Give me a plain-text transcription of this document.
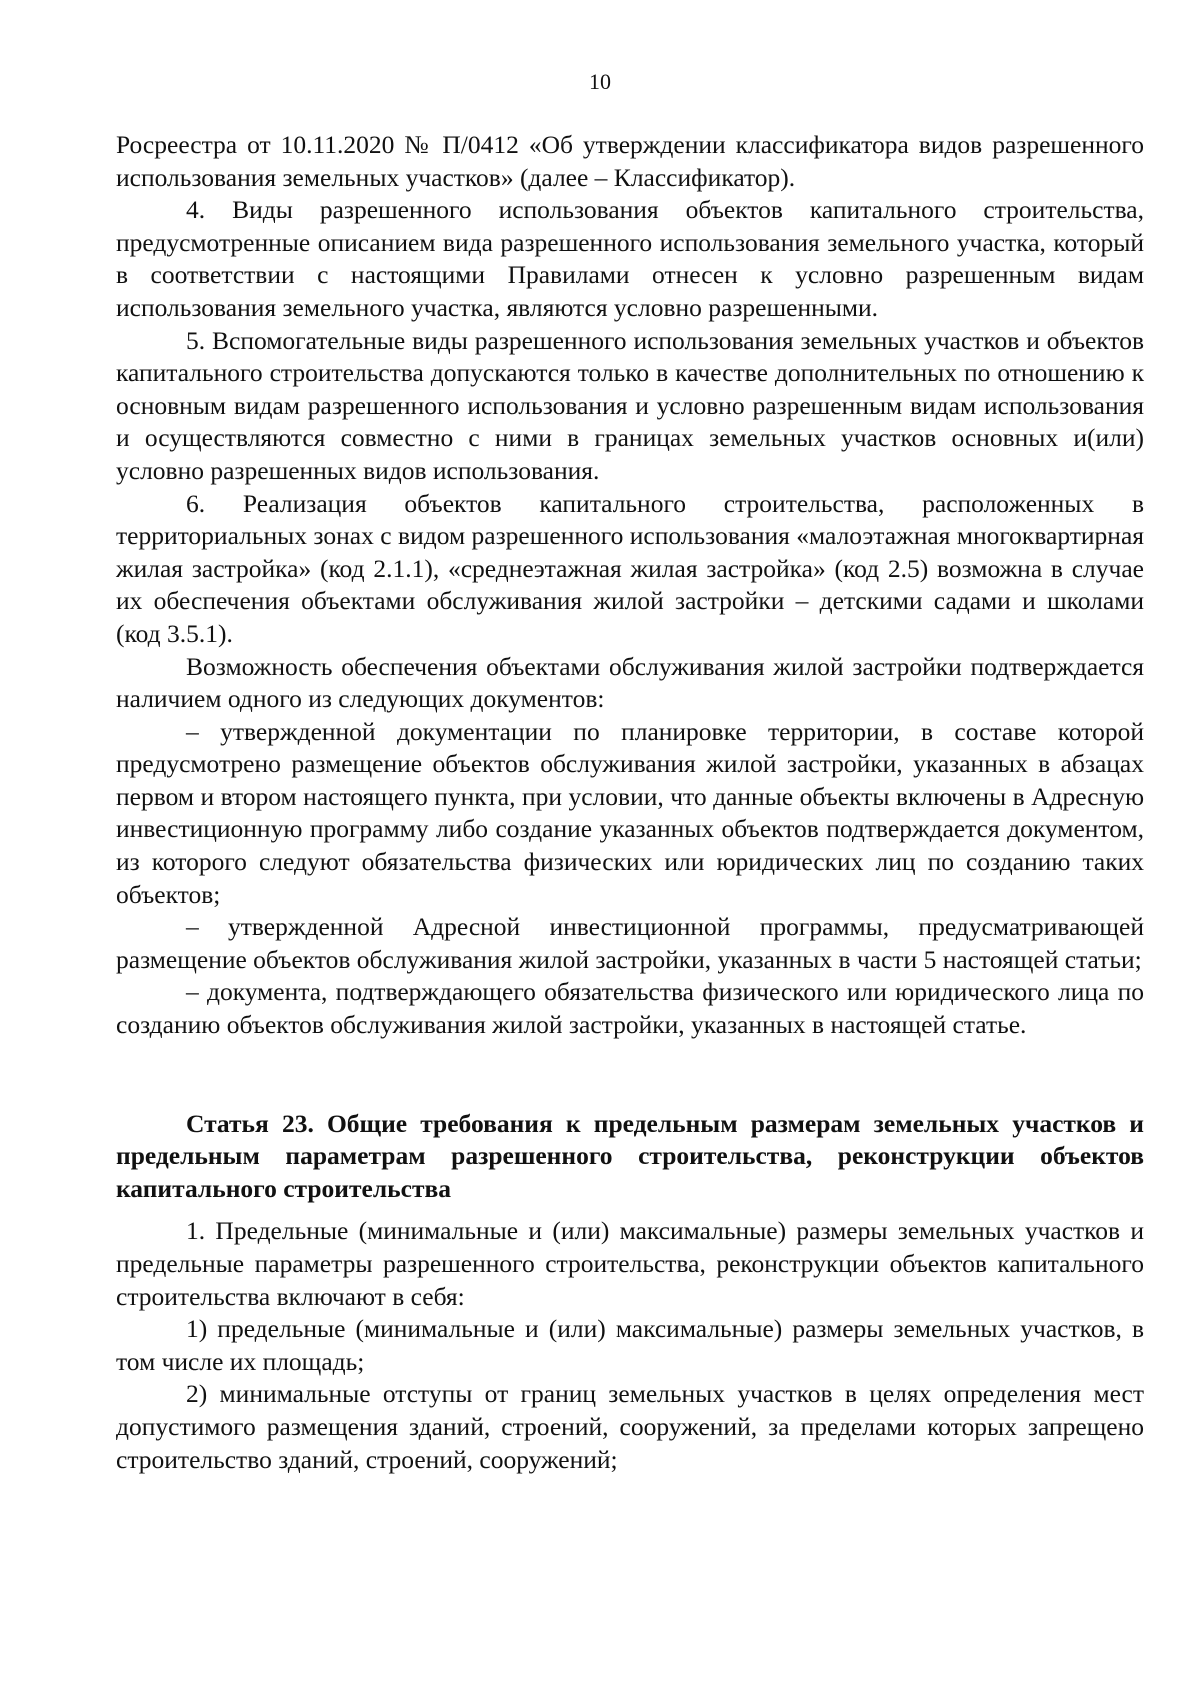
10

Росреестра от 10.11.2020 № П/0412 «Об утверждении классификатора видов разрешенного использования земельных участков» (далее – Классификатор).

4. Виды разрешенного использования объектов капитального строительства, предусмотренные описанием вида разрешенного использования земельного участка, который в соответствии с настоящими Правилами отнесен к условно разрешенным видам использования земельного участка, являются условно разрешенными.

5. Вспомогательные виды разрешенного использования земельных участков и объектов капитального строительства допускаются только в качестве дополнительных по отношению к основным видам разрешенного использования и условно разрешенным видам использования и осуществляются совместно с ними в границах земельных участков основных и(или) условно разрешенных видов использования.

6. Реализация объектов капитального строительства, расположенных в территориальных зонах с видом разрешенного использования «малоэтажная многоквартирная жилая застройка» (код 2.1.1), «среднеэтажная жилая застройка» (код 2.5) возможна в случае их обеспечения объектами обслуживания жилой застройки – детскими садами и школами (код 3.5.1).

Возможность обеспечения объектами обслуживания жилой застройки подтверждается наличием одного из следующих документов:

– утвержденной документации по планировке территории, в составе которой предусмотрено размещение объектов обслуживания жилой застройки, указанных в абзацах первом и втором настоящего пункта, при условии, что данные объекты включены в Адресную инвестиционную программу либо создание указанных объектов подтверждается документом, из которого следуют обязательства физических или юридических лиц по созданию таких объектов;

– утвержденной Адресной инвестиционной программы, предусматривающей размещение объектов обслуживания жилой застройки, указанных в части 5 настоящей статьи;

– документа, подтверждающего обязательства физического или юридического лица по созданию объектов обслуживания жилой застройки, указанных в настоящей статье.

Статья 23. Общие требования к предельным размерам земельных участков и предельным параметрам разрешенного строительства, реконструкции объектов капитального строительства

1. Предельные (минимальные и (или) максимальные) размеры земельных участков и предельные параметры разрешенного строительства, реконструкции объектов капитального строительства включают в себя:

1) предельные (минимальные и (или) максимальные) размеры земельных участков, в том числе их площадь;

2) минимальные отступы от границ земельных участков в целях определения мест допустимого размещения зданий, строений, сооружений, за пределами которых запрещено строительство зданий, строений, сооружений;
